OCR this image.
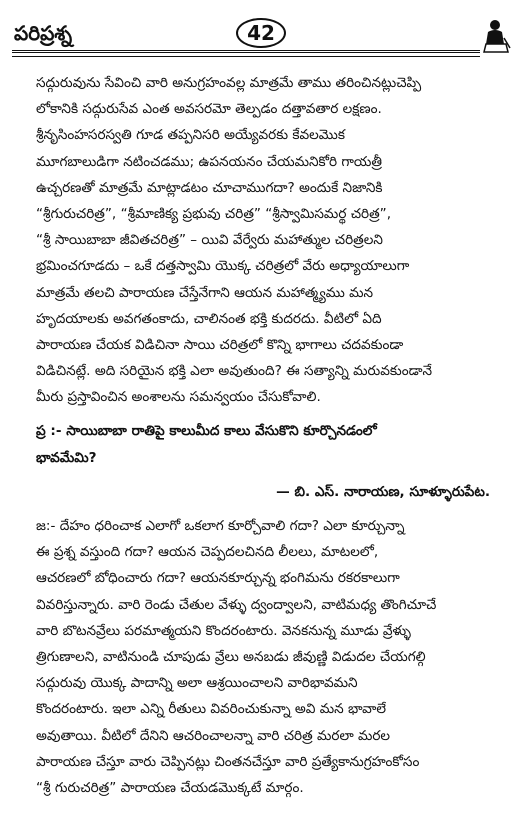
పరిప్రశ్న	42
సద్గురువును సేవించి వారి అనుగ్రహంవల్ల మాత్రమే తాము తరించినట్లుచెప్పి
లోకానికి సద్గురుసేవ ఎంత అవసరమో తెల్పడం దత్తావతార లక్షణం.
శ్రీనృసింహసరస్వతి గూడ తప్పనిసరి అయ్యేవరకు కేవలమొక
మూగబాలుడిగా నటించడము; ఉపనయనం చేయమనికోరి గాయత్రీ
ఉచ్చరణతో మాత్రమే మాట్లాడటం చూచాముగదా? అందుకే నిజానికి
“శ్రీగురుచరిత్ర”, “శ్రీమాణిక్య ప్రభువు చరిత్ర” “శ్రీస్వామిసమర్థ చరిత్ర”,
“శ్రీ సాయిబాబా జీవితచరిత్ర” – యివి వేర్వేరు మహాత్ముల చరిత్రలని
భ్రమించగూడదు – ఒకే దత్తస్వామి యొక్క చరిత్రలో వేరు అధ్యాయాలుగా
మాత్రమే తలచి పారాయణ చేస్తేనేగాని ఆయన మహాత్మ్యము మన
హృదయాలకు అవగతంకాదు, చాలినంత భక్తి కుదరదు. వీటిలో ఏది
పారాయణ చేయక విడిచినా సాయి చరిత్రలో కొన్ని భాగాలు చదవకుండా
విడిచినట్లే. అది సరియైన భక్తి ఎలా అవుతుంది? ఈ సత్యాన్ని మరువకుండానే
మీరు ప్రస్తావించిన అంశాలను సమన్వయం చేసుకోవాలి.
ప్ర :- సాయిబాబా రాతిపై కాలుమీద కాలు వేసుకొని కూర్చొనడంలో
భావమేమి?
— బి. ఎస్. నారాయణ, సూళ్ళూరుపేట.
జ:- దేహం ధరించాక ఎలాగో ఒకలాగ కూర్చోవాలి గదా? ఎలా కూర్చున్నా
ఈ ప్రశ్న వస్తుంది గదా? ఆయన చెప్పదలచినది లీలలు, మాటలలో,
ఆచరణలో బోధించారు గదా? ఆయనకూర్చున్న భంగిమను రకరకాలుగా
వివరిస్తున్నారు. వారి రెండు చేతుల వేళ్ళు ద్వంద్వాలని, వాటిమధ్య తొంగిచూచే
వారి బొటనవ్రేలు పరమాత్మయని కొందరంటారు. వెనకనున్న మూడు వ్రేళ్ళు
త్రిగుణాలని, వాటినుండి చూపుడు వ్రేలు అనబడు జీవుణ్ణి విడుదల చేయగల్గి
సద్గురువు యొక్క పాదాన్ని అలా ఆశ్రయించాలని వారిభావమని
కొందరంటారు. ఇలా ఎన్ని రీతులు వివరించుకున్నా అవి మన భావాలే
అవుతాయి. వీటిలో దేనిని ఆచరించాలన్నా వారి చరిత్ర మరలా మరల
పారాయణ చేస్తూ వారు చెప్పినట్లు చింతనచేస్తూ వారి ప్రత్యేకానుగ్రహంకోసం
“శ్రీ గురుచరిత్ర” పారాయణ చేయడమొక్కటే మార్గం.
